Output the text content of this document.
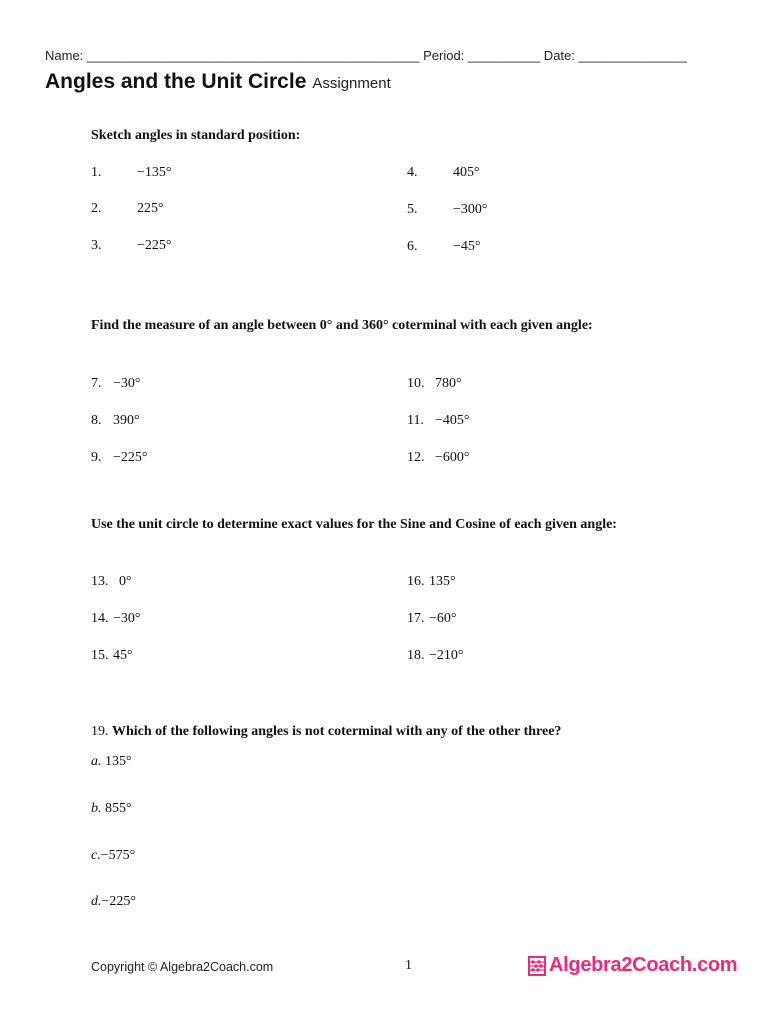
Name: ______________________________________________ Period: __________ Date: _______________
Angles and the Unit Circle Assignment
Sketch angles in standard position:
1.	−135°
2.	225°
3.	−225°
4.	405°
5.	−300°
6.	−45°
Find the measure of an angle between 0° and 360° coterminal with each given angle:
7. −30°
8. 390°
9. −225°
10. 780°
11. −405°
12. −600°
Use the unit circle to determine exact values for the Sine and Cosine of each given angle:
13. 0°
14. −30°
15. 45°
16. 135°
17. −60°
18. −210°
19. Which of the following angles is not coterminal with any of the other three?
a. 135°
b. 855°
c.−575°
d.−225°
Copyright © Algebra2Coach.com	1	Algebra2Coach.com
